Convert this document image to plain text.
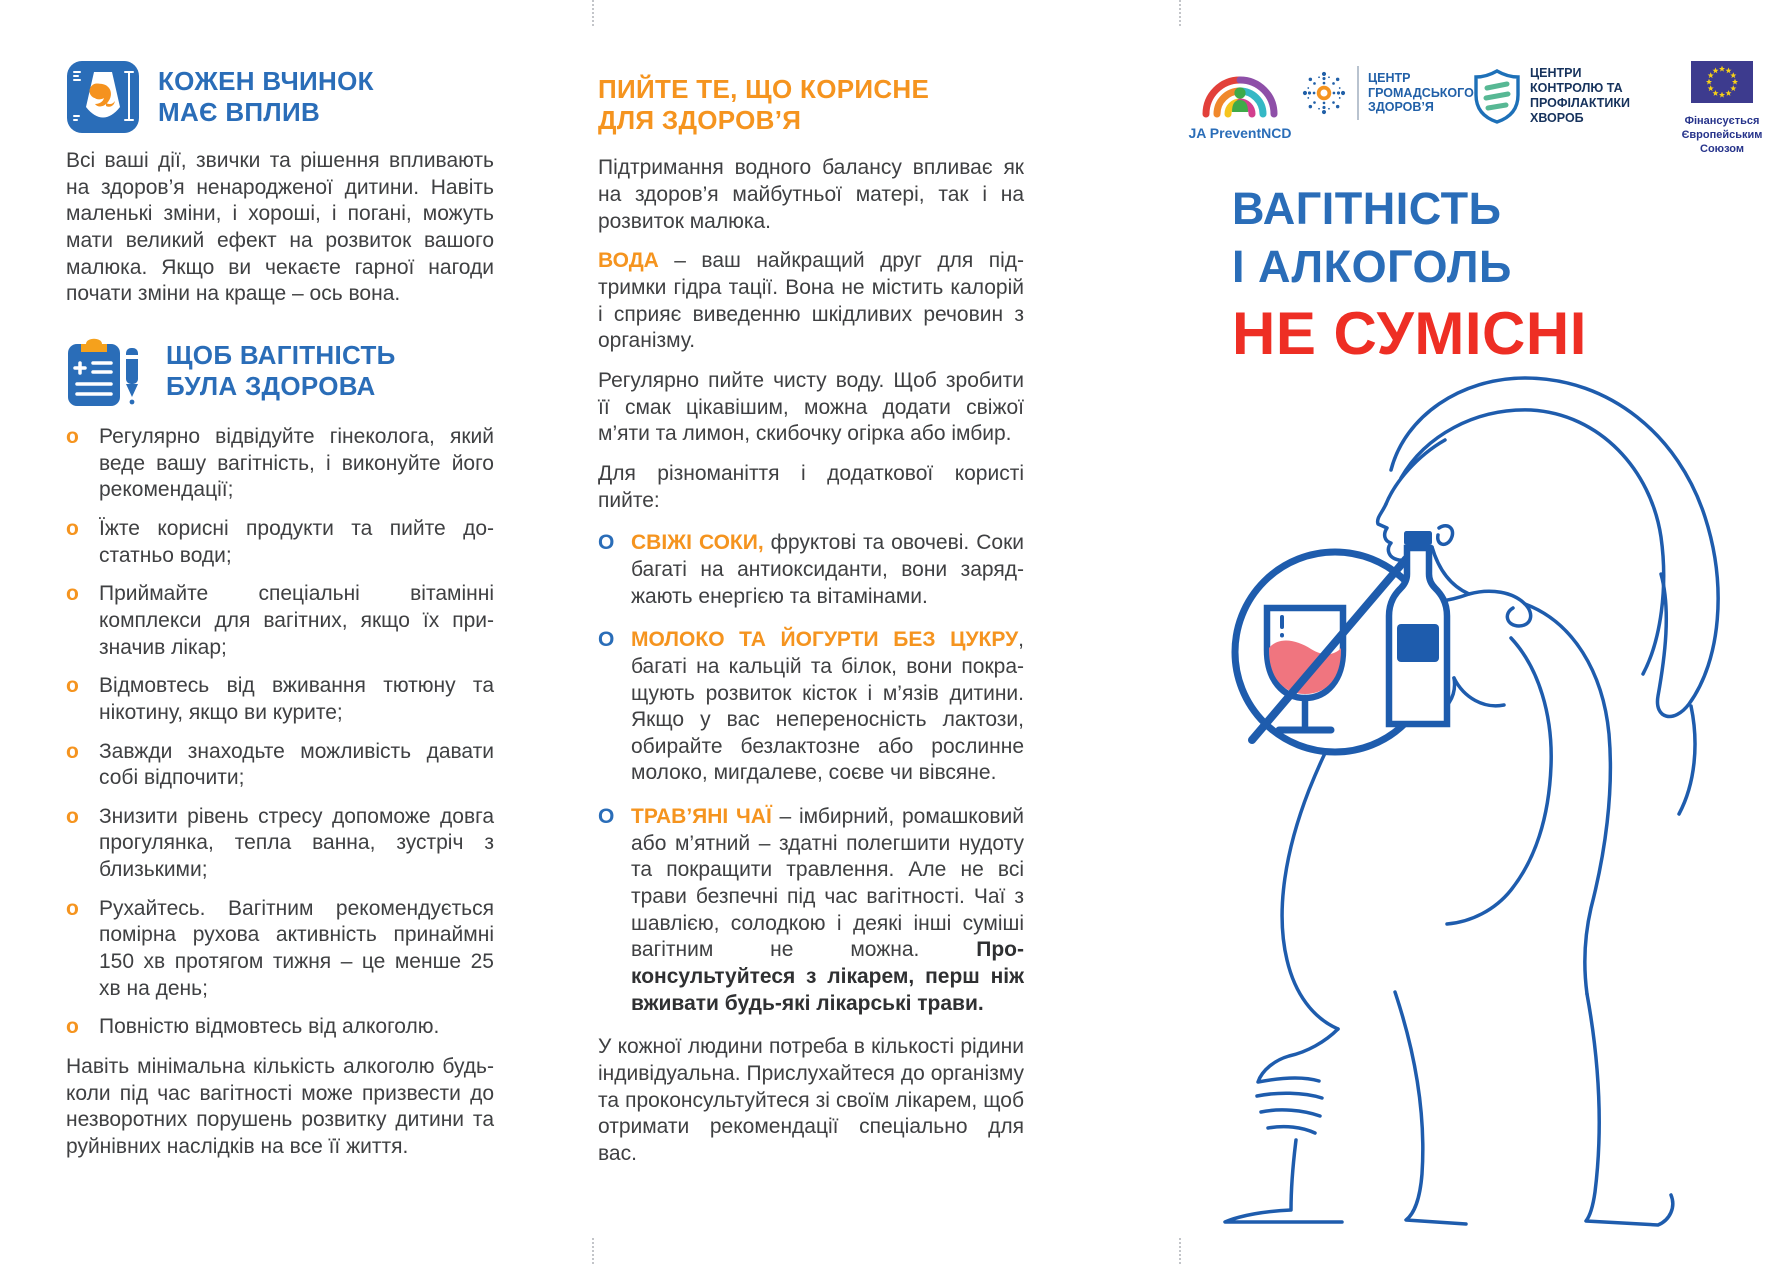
КОЖЕН ВЧИНОК
МАЄ ВПЛИВ

Всі ваші дії, звички та рішення впливають на здоров’я ненародженої дитини. Навіть маленькі зміни, і хороші, і погані, можуть мати великий ефект на розвиток вашого малюка. Якщо ви чекаєте гарної нагоди почати зміни на краще – ось вона.

ЩОБ ВАГІТНІСТЬ
БУЛА ЗДОРОВА
o Регулярно відвідуйте гінеколога, який веде вашу вагітність, і виконуйте його рекомендації;
o Їжте корисні продукти та пийте достатньо води;
o Приймайте спеціальні вітамінні комплекси для вагітних, якщо їх призначив лікар;
o Відмовтесь від вживання тютюну та нікотину, якщо ви курите;
o Завжди знаходьте можливість давати собі відпочити;
o Знизити рівень стресу допоможе довга прогулянка, тепла ванна, зустріч з близькими;
o Рухайтесь. Вагітним рекомендується помірна рухова активність принаймні 150 хв протягом тижня – це менше 25 хв на день;
o Повністю відмовтесь від алкоголю.

Навіть мінімальна кількість алкоголю будь-коли під час вагітності може призвести до незворотних порушень розвитку дитини та руйнівних наслідків на все її життя.

ПИЙТЕ ТЕ, ЩО КОРИСНЕ
ДЛЯ ЗДОРОВ’Я

Підтримання водного балансу впливає як на здоров’я майбутньої матері, так і на розвиток малюка.

ВОДА – ваш найкращий друг для підтримки гідра тації. Вона не містить калорій і сприяє виведенню шкідливих речовин з організму.

Регулярно пийте чисту воду. Щоб зробити її смак цікавішим, можна додати свіжої м’яти та лимон, скибочку огірка або імбир.

Для різноманіття і додаткової користі пийте:

O СВІЖІ СОКИ, фруктові та овочеві. Соки багаті на антиоксиданти, вони заряджають енергією та вітамінами.
O МОЛОКО ТА ЙОГУРТИ БЕЗ ЦУКРУ, багаті на кальцій та білок, вони покращують розвиток кісток і м’язів дитини. Якщо у вас непереносність лактози, обирайте безлактозне або рослинне молоко, мигдалеве, соєве чи вівсяне.
O ТРАВ’ЯНІ ЧАЇ – імбирний, ромашковий або м’ятний – здатні полегшити нудоту та покращити травлення. Але не всі трави безпечні під час вагітності. Чаї з шавлією, солодкою і деякі інші суміші вагітним не можна. Проконсультуйтеся з лікарем, перш ніж вживати будь-які лікарські трави.

У кожної людини потреба в кількості рідини індивідуальна. Прислухайтеся до організму та проконсультуйтеся зі своїм лікарем, щоб отримати рекомендації спеціально для вас.

JA PreventNCD
ЦЕНТР ГРОМАДСЬКОГО ЗДОРОВ’Я
ЦЕНТРИ КОНТРОЛЮ ТА ПРОФІЛАКТИКИ ХВОРОБ	Фінансується Європейським Союзом
ВАГІТНІСТЬ
І АЛКОГОЛЬ
НЕ СУМІСНІ
